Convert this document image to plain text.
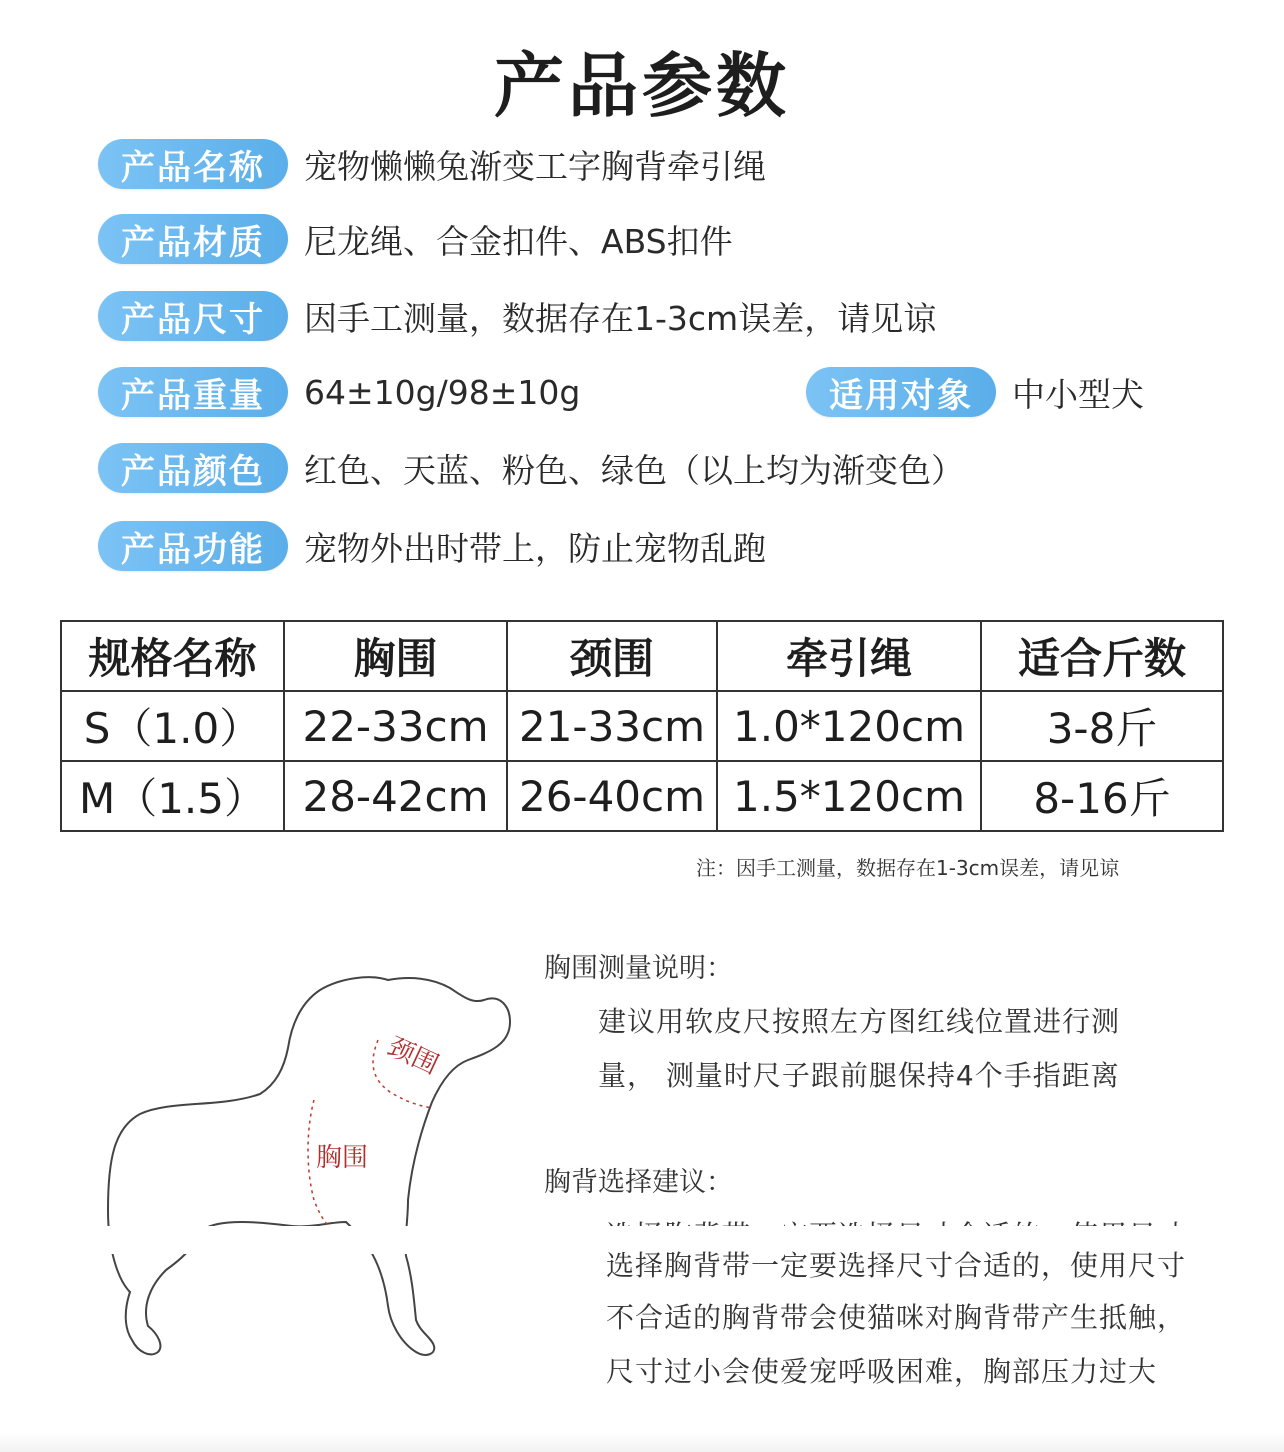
产品参数
产品名称	宠物懒懒兔渐变工字胸背牵引绳
产品材质	尼龙绳、合金扣件、ABS扣件
产品尺寸	因手工测量，数据存在1-3cm误差，请见谅
产品重量	64±10g/98±10g	适用对象	中小型犬
产品颜色	红色、天蓝、粉色、绿色（以上均为渐变色）
产品功能	宠物外出时带上，防止宠物乱跑
规格名称	胸围	颈围	牵引绳	适合斤数
S（1.0）	22-33cm	21-33cm	1.0*120cm	3-8斤
M（1.5）	28-42cm	26-40cm	1.5*120cm	8-16斤
注：因手工测量，数据存在1-3cm误差，请见谅
颈围
胸围
胸围测量说明：
建议用软皮尺按照左方图红线位置进行测
量， 测量时尺子跟前腿保持4个手指距离
胸背选择建议：
选择胸背带一定要选择尺寸合适的，使用尺寸
不合适的胸背带会使猫咪对胸背带产生抵触，
尺寸过小会使爱宠呼吸困难，胸部压力过大
